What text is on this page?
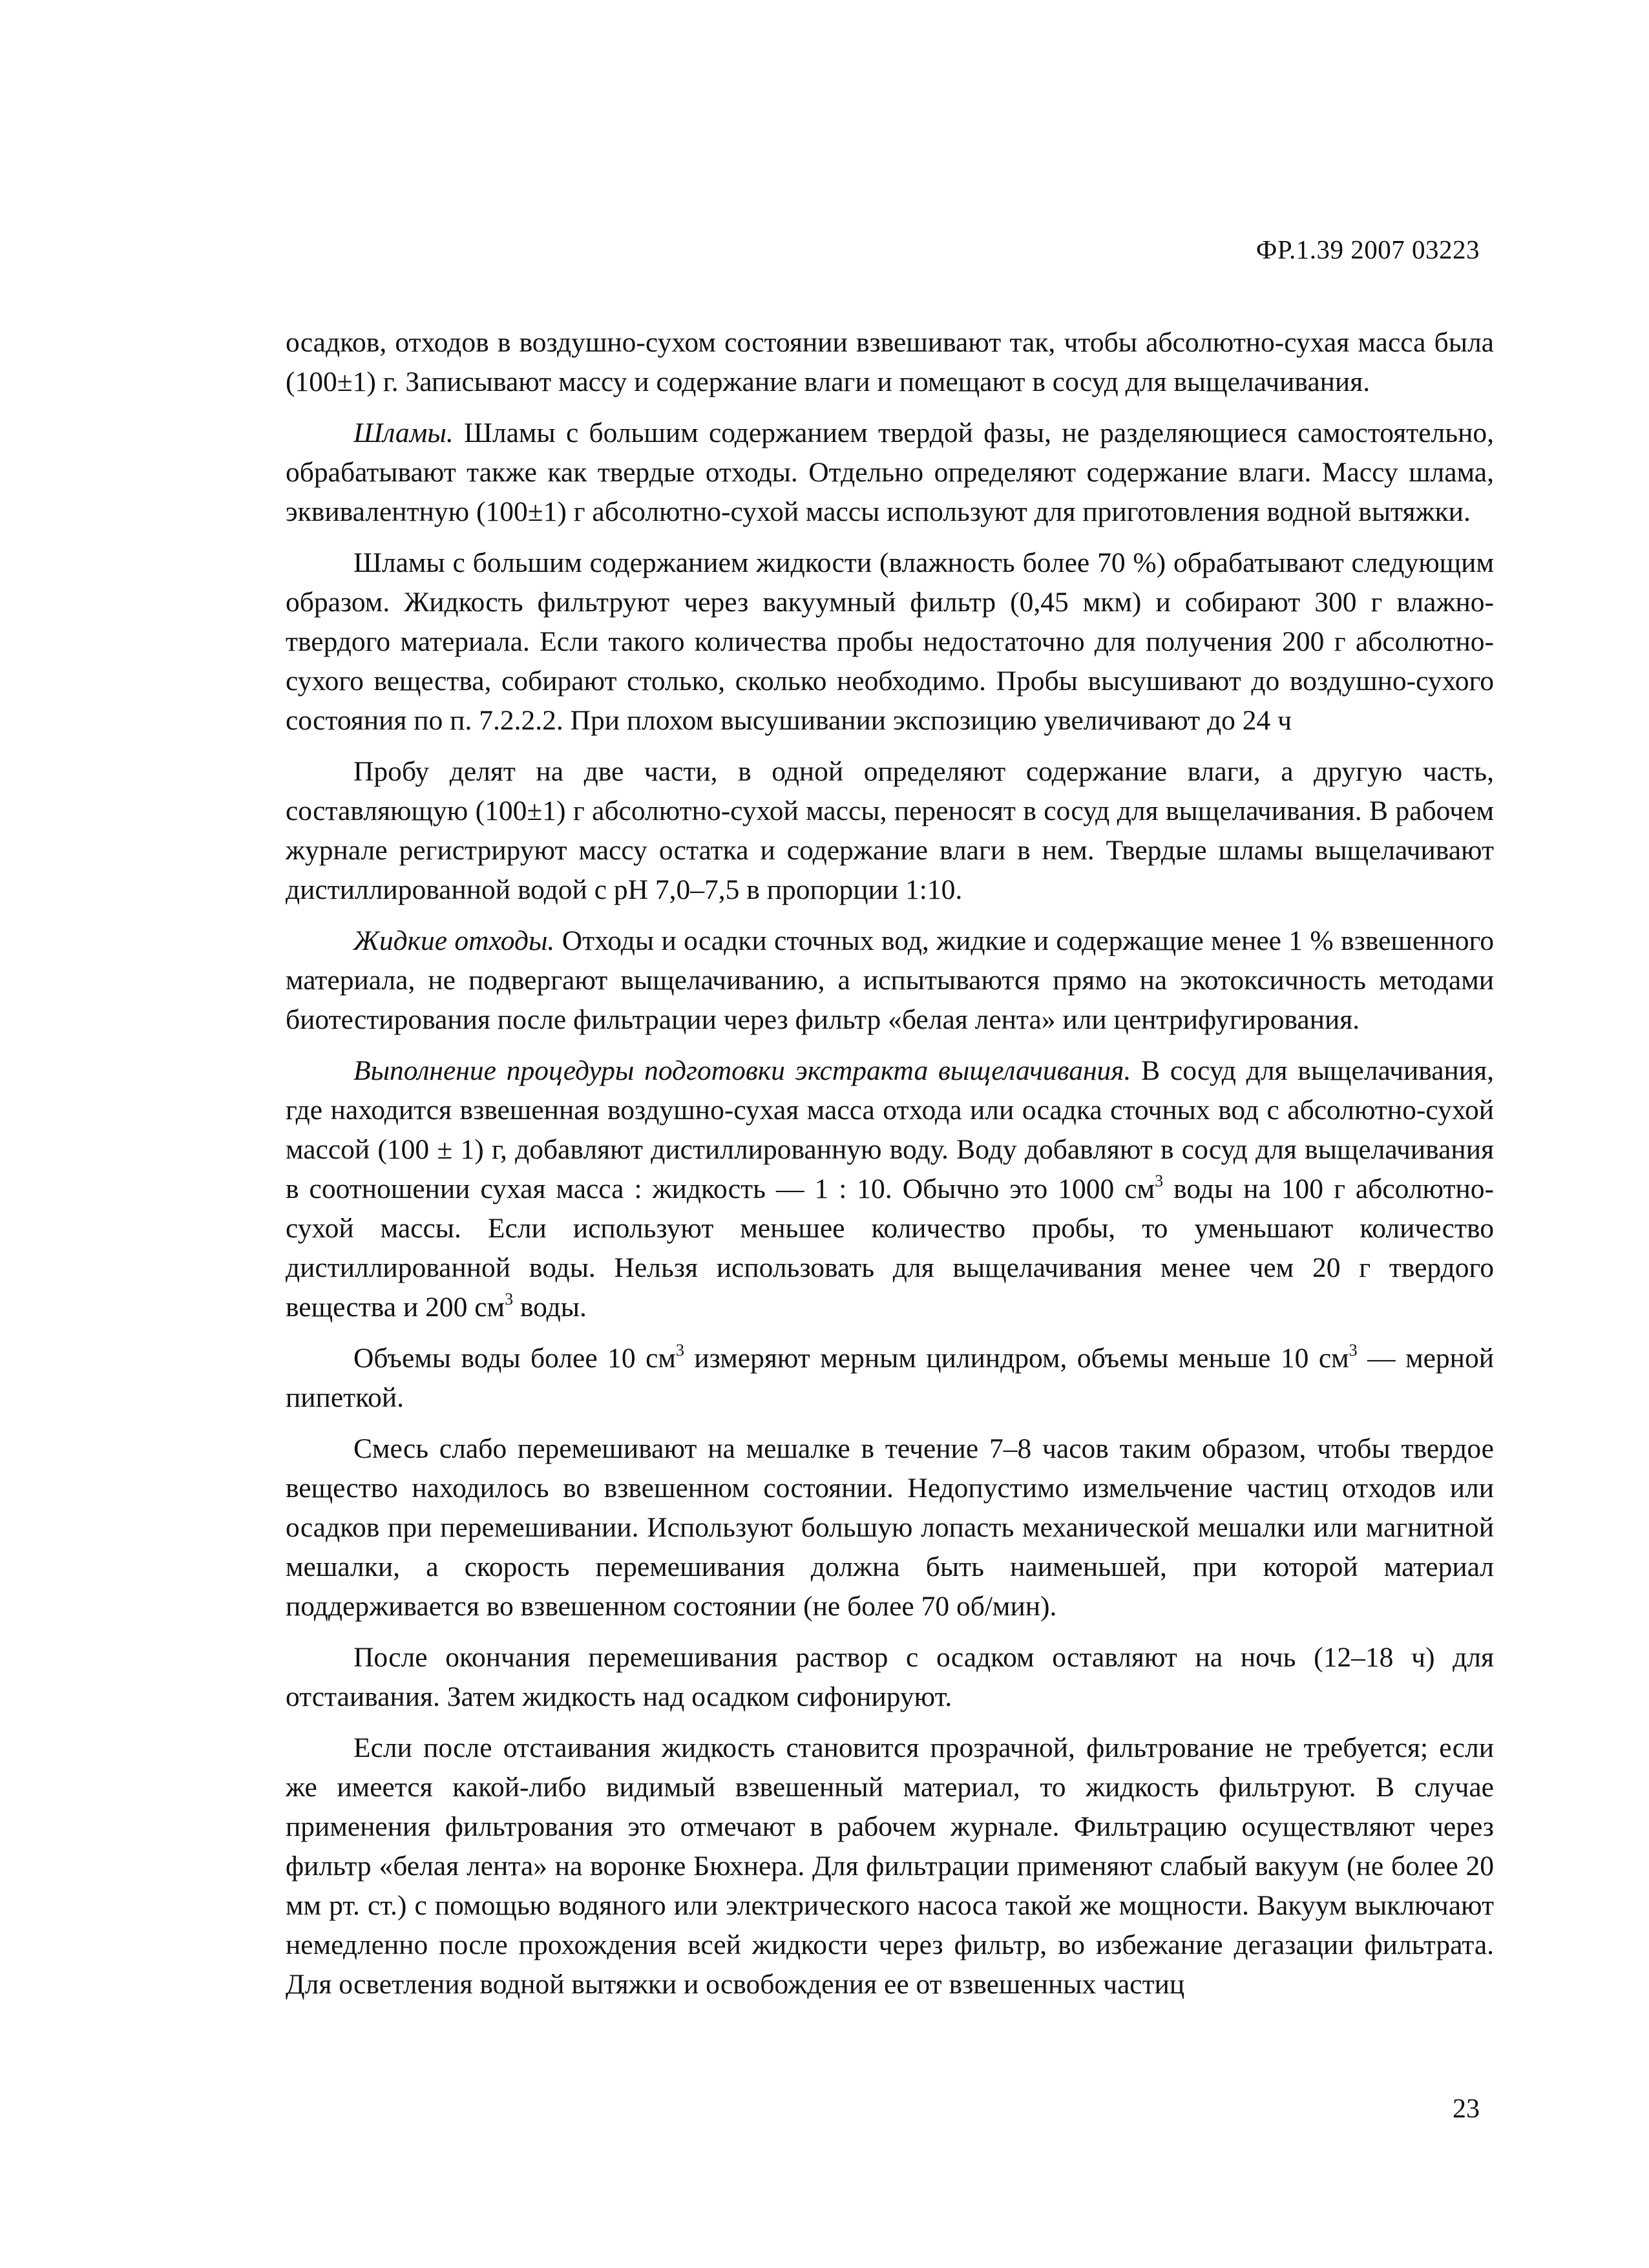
ФР.1.39 2007 03223

осадков, отходов в воздушно-сухом состоянии взвешивают так, чтобы абсолютно-сухая масса была (100±1) г. Записывают массу и содержание влаги и помещают в сосуд для выщелачивания.

Шламы. Шламы с большим содержанием твердой фазы, не разделяющиеся самостоятельно, обрабатывают также как твердые отходы. Отдельно определяют содержание влаги. Массу шлама, эквивалентную (100±1) г абсолютно-сухой массы используют для приготовления водной вытяжки.

Шламы с большим содержанием жидкости (влажность более 70 %) обрабатывают следующим образом. Жидкость фильтруют через вакуумный фильтр (0,45 мкм) и собирают 300 г влажно-твердого материала. Если такого количества пробы недостаточно для получения 200 г абсолютно-сухого вещества, собирают столько, сколько необходимо. Пробы высушивают до воздушно-сухого состояния по п. 7.2.2.2. При плохом высушивании экспозицию увеличивают до 24 ч

Пробу делят на две части, в одной определяют содержание влаги, а другую часть, составляющую (100±1) г абсолютно-сухой массы, переносят в сосуд для выщелачивания. В рабочем журнале регистрируют массу остатка и содержание влаги в нем. Твердые шламы выщелачивают дистиллированной водой с рН 7,0–7,5 в пропорции 1:10.

Жидкие отходы. Отходы и осадки сточных вод, жидкие и содержащие менее 1 % взвешенного материала, не подвергают выщелачиванию, а испытываются прямо на экотоксичность методами биотестирования после фильтрации через фильтр «белая лента» или центрифугирования.

Выполнение процедуры подготовки экстракта выщелачивания. В сосуд для выщелачивания, где находится взвешенная воздушно-сухая масса отхода или осадка сточных вод с абсолютно-сухой массой (100 ± 1) г, добавляют дистиллированную воду. Воду добавляют в сосуд для выщелачивания в соотношении сухая масса : жидкость — 1 : 10. Обычно это 1000 $см^3$ воды на 100 г абсолютно-сухой массы. Если используют меньшее количество пробы, то уменьшают количество дистиллированной воды. Нельзя использовать для выщелачивания менее чем 20 г твердого вещества и 200 $см^3$ воды.

Объемы воды более 10 $см^3$ измеряют мерным цилиндром, объемы меньше 10 $см^3$ — мерной пипеткой.

Смесь слабо перемешивают на мешалке в течение 7–8 часов таким образом, чтобы твердое вещество находилось во взвешенном состоянии. Недопустимо измельчение частиц отходов или осадков при перемешивании. Используют большую лопасть механической мешалки или магнитной мешалки, а скорость перемешивания должна быть наименьшей, при которой материал поддерживается во взвешенном состоянии (не более 70 об/мин).

После окончания перемешивания раствор с осадком оставляют на ночь (12–18 ч) для отстаивания. Затем жидкость над осадком сифонируют.

Если после отстаивания жидкость становится прозрачной, фильтрование не требуется; если же имеется какой-либо видимый взвешенный материал, то жидкость фильтруют. В случае применения фильтрования это отмечают в рабочем журнале. Фильтрацию осуществляют через фильтр «белая лента» на воронке Бюхнера. Для фильтрации применяют слабый вакуум (не более 20 мм рт. ст.) с помощью водяного или электрического насоса такой же мощности. Вакуум выключают немедленно после прохождения всей жидкости через фильтр, во избежание дегазации фильтрата. Для осветления водной вытяжки и освобождения ее от взвешенных частиц

23
